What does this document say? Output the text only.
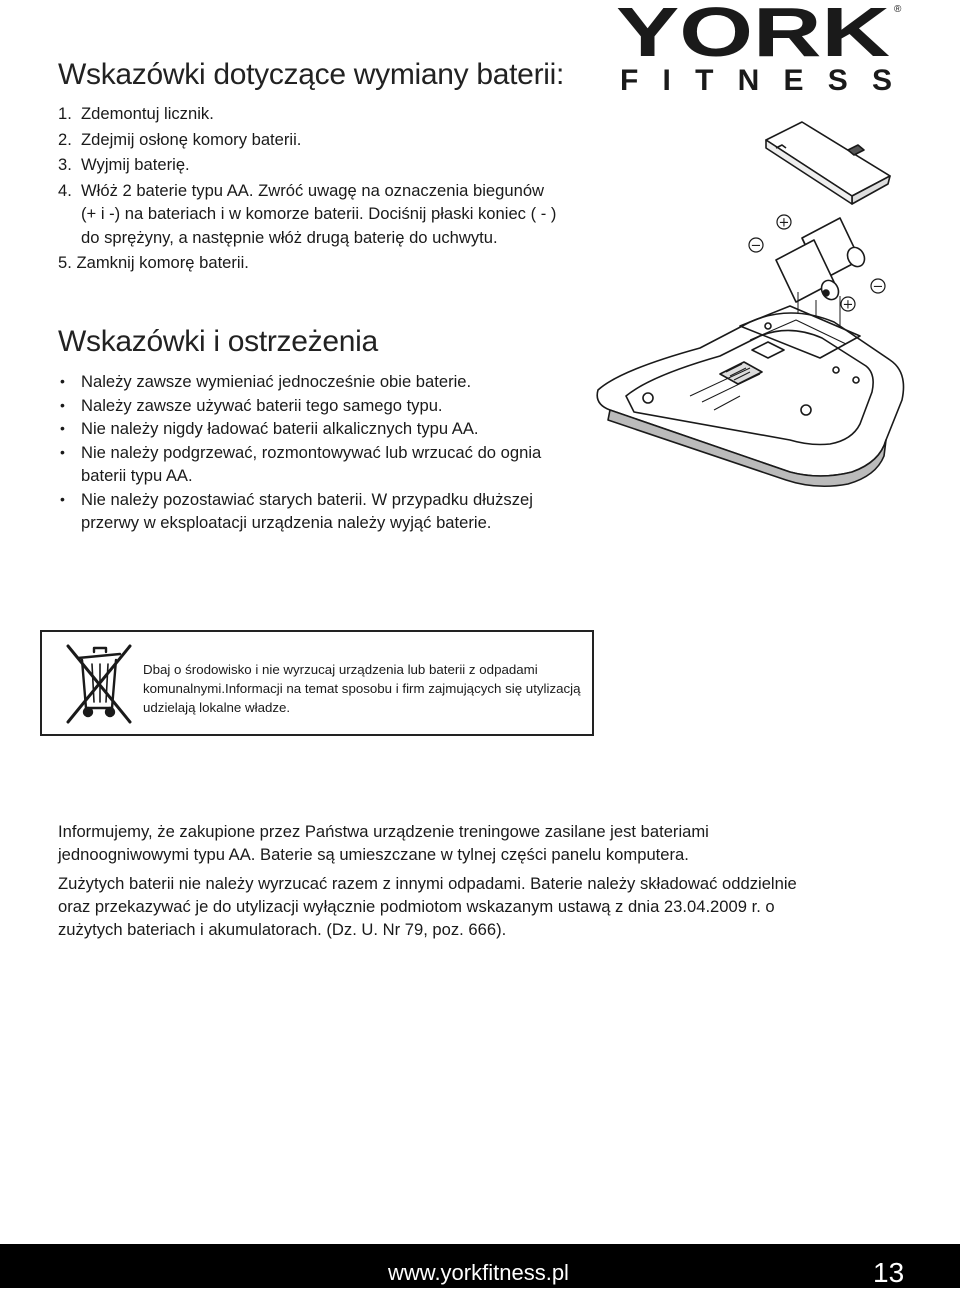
YORK ®
FITNESS
Wskazówki dotyczące wymiany baterii:
1. Zdemontuj licznik.
2. Zdejmij osłonę komory baterii.
3. Wyjmij baterię.
4. Włóż 2 baterie typu AA. Zwróć uwagę na oznaczenia biegunów (+ i -) na bateriach i w komorze baterii. Dociśnij płaski koniec ( - ) do sprężyny, a następnie włóż drugą baterię do uchwytu.
5. Zamknij komorę baterii.
Wskazówki i ostrzeżenia
• Należy zawsze wymieniać jednocześnie obie baterie.
• Należy zawsze używać baterii tego samego typu.
• Nie należy nigdy ładować baterii alkalicznych typu AA.
• Nie należy podgrzewać, rozmontowywać lub wrzucać do ognia baterii typu AA.
• Nie należy pozostawiać starych baterii. W przypadku dłuższej przerwy w eksploatacji urządzenia należy wyjąć baterie.
−
+
+
−
Dbaj o środowisko i nie wyrzucaj urządzenia lub baterii z odpadami komunalnymi.Informacji na temat sposobu i firm zajmujących się utylizacją udzielają lokalne władze.

Informujemy, że zakupione przez Państwa urządzenie treningowe zasilane jest bateriami jednoogniwowymi typu AA. Baterie są umieszczane w tylnej części panelu komputera.

Zużytych baterii nie należy wyrzucać razem z innymi odpadami. Baterie należy składować oddzielnie oraz przekazywać je do utylizacji wyłącznie podmiotom wskazanym ustawą z dnia 23.04.2009 r. o zużytych bateriach i akumulatorach. (Dz. U. Nr 79, poz. 666).

www.yorkfitness.pl	13
